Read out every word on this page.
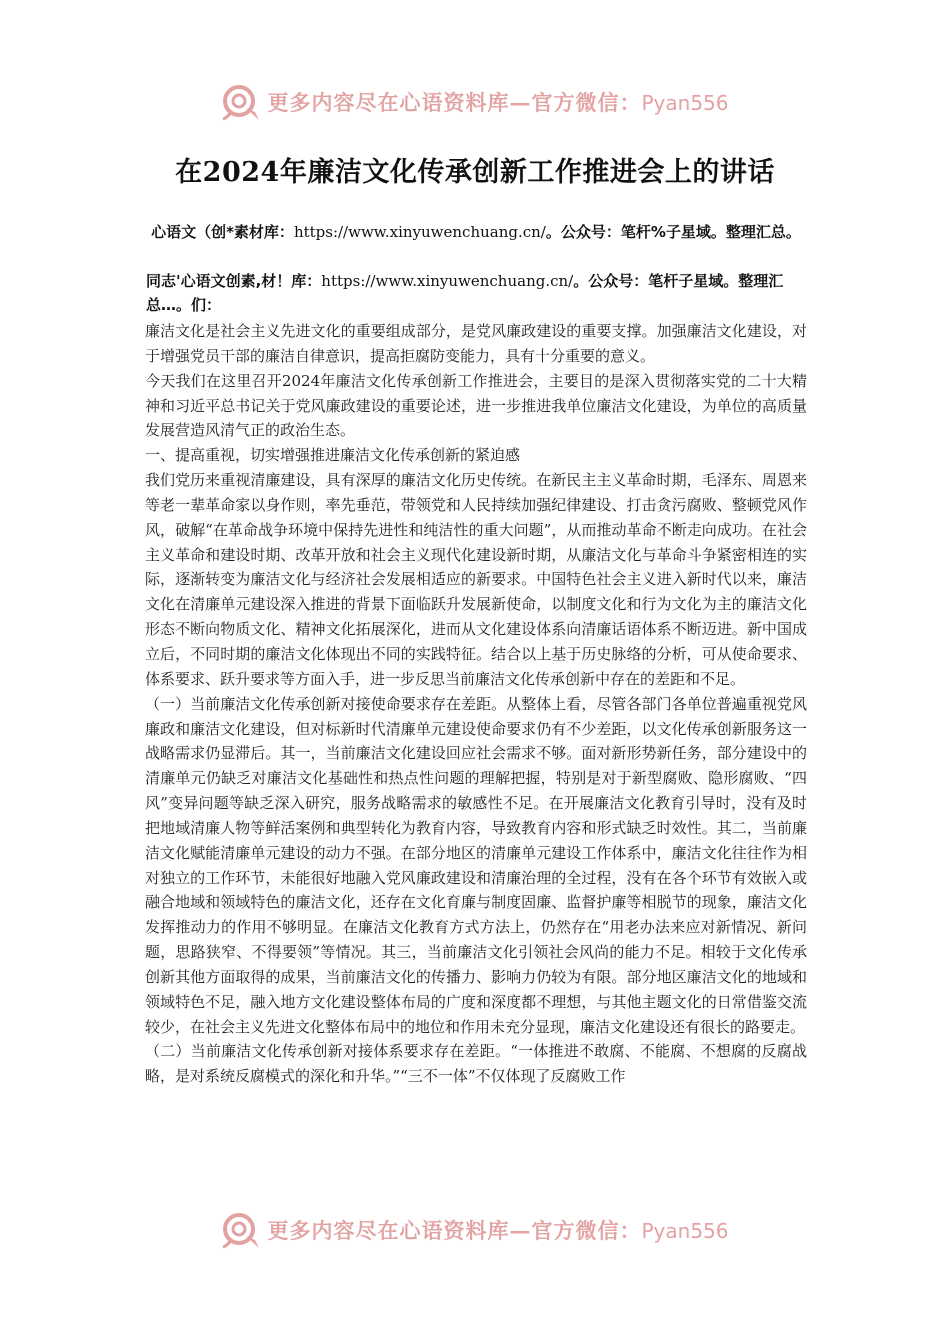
更多内容尽在心语资料库—官方微信：Pyan556
在2024年廉洁文化传承创新工作推进会上的讲话
心语文（创*素材库：https://www.xinyuwenchuang.cn/。公众号：笔杆%子星域。整理汇总。
同志'心语文创素,材！库：https://www.xinyuwenchuang.cn/。公众号：笔杆子星域。整理汇总…。们：

廉洁文化是社会主义先进文化的重要组成部分，是党风廉政建设的重要支撑。加强廉洁文化建设，对于增强党员干部的廉洁自律意识，提高拒腐防变能力，具有十分重要的意义。

今天我们在这里召开2024年廉洁文化传承创新工作推进会，主要目的是深入贯彻落实党的二十大精神和习近平总书记关于党风廉政建设的重要论述，进一步推进我单位廉洁文化建设，为单位的高质量发展营造风清气正的政治生态。

一、提高重视，切实增强推进廉洁文化传承创新的紧迫感

我们党历来重视清廉建设，具有深厚的廉洁文化历史传统。在新民主主义革命时期，毛泽东、周恩来等老一辈革命家以身作则，率先垂范，带领党和人民持续加强纪律建设、打击贪污腐败、整顿党风作风，破解“在革命战争环境中保持先进性和纯洁性的重大问题”，从而推动革命不断走向成功。在社会主义革命和建设时期、改革开放和社会主义现代化建设新时期，从廉洁文化与革命斗争紧密相连的实际，逐渐转变为廉洁文化与经济社会发展相适应的新要求。中国特色社会主义进入新时代以来，廉洁文化在清廉单元建设深入推进的背景下面临跃升发展新使命，以制度文化和行为文化为主的廉洁文化形态不断向物质文化、精神文化拓展深化，进而从文化建设体系向清廉话语体系不断迈进。新中国成立后，不同时期的廉洁文化体现出不同的实践特征。结合以上基于历史脉络的分析，可从使命要求、体系要求、跃升要求等方面入手，进一步反思当前廉洁文化传承创新中存在的差距和不足。

（一）当前廉洁文化传承创新对接使命要求存在差距。从整体上看，尽管各部门各单位普遍重视党风廉政和廉洁文化建设，但对标新时代清廉单元建设使命要求仍有不少差距，以文化传承创新服务这一战略需求仍显滞后。其一，当前廉洁文化建设回应社会需求不够。面对新形势新任务，部分建设中的清廉单元仍缺乏对廉洁文化基础性和热点性问题的理解把握，特别是对于新型腐败、隐形腐败、“四风”变异问题等缺乏深入研究，服务战略需求的敏感性不足。在开展廉洁文化教育引导时，没有及时把地域清廉人物等鲜活案例和典型转化为教育内容，导致教育内容和形式缺乏时效性。其二，当前廉洁文化赋能清廉单元建设的动力不强。在部分地区的清廉单元建设工作体系中，廉洁文化往往作为相对独立的工作环节，未能很好地融入党风廉政建设和清廉治理的全过程，没有在各个环节有效嵌入或融合地域和领域特色的廉洁文化，还存在文化育廉与制度固廉、监督护廉等相脱节的现象，廉洁文化发挥推动力的作用不够明显。在廉洁文化教育方式方法上，仍然存在“用老办法来应对新情况、新问题，思路狭窄、不得要领”等情况。其三，当前廉洁文化引领社会风尚的能力不足。相较于文化传承创新其他方面取得的成果，当前廉洁文化的传播力、影响力仍较为有限。部分地区廉洁文化的地域和领域特色不足，融入地方文化建设整体布局的广度和深度都不理想，与其他主题文化的日常借鉴交流较少，在社会主义先进文化整体布局中的地位和作用未充分显现，廉洁文化建设还有很长的路要走。

（二）当前廉洁文化传承创新对接体系要求存在差距。“一体推进不敢腐、不能腐、不想腐的反腐战略，是对系统反腐模式的深化和升华。”“三不一体”不仅体现了反腐败工作

更多内容尽在心语资料库—官方微信：Pyan556
